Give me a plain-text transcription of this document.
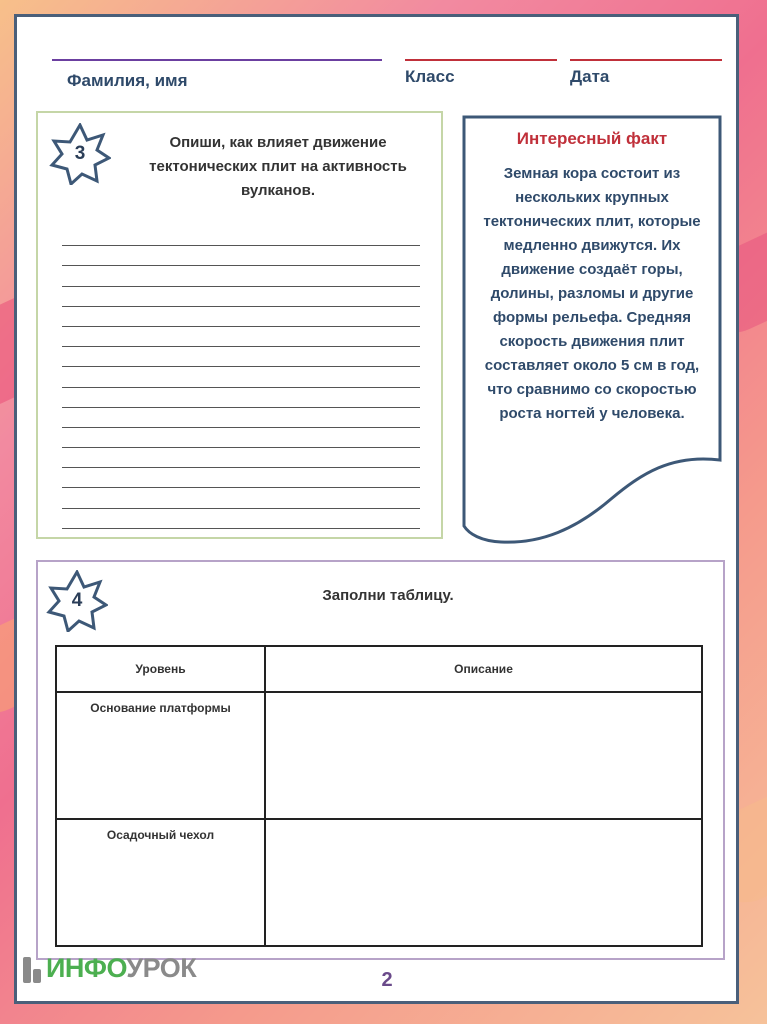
Фамилия, имя	Класс	Дата
3
Опиши, как влияет движение тектонических плит на активность вулканов.
Интересный факт
Земная кора состоит из нескольких крупных тектонических плит, которые медленно движутся. Их движение создаёт горы, долины, разломы и другие формы рельефа. Средняя скорость движения плит составляет около 5 см в год, что сравнимо со скоростью роста ногтей у человека.
4	Заполни таблицу.
Уровень	Описание
Основание платформы	
Осадочный чехол	
2
ИНФОУРОК
